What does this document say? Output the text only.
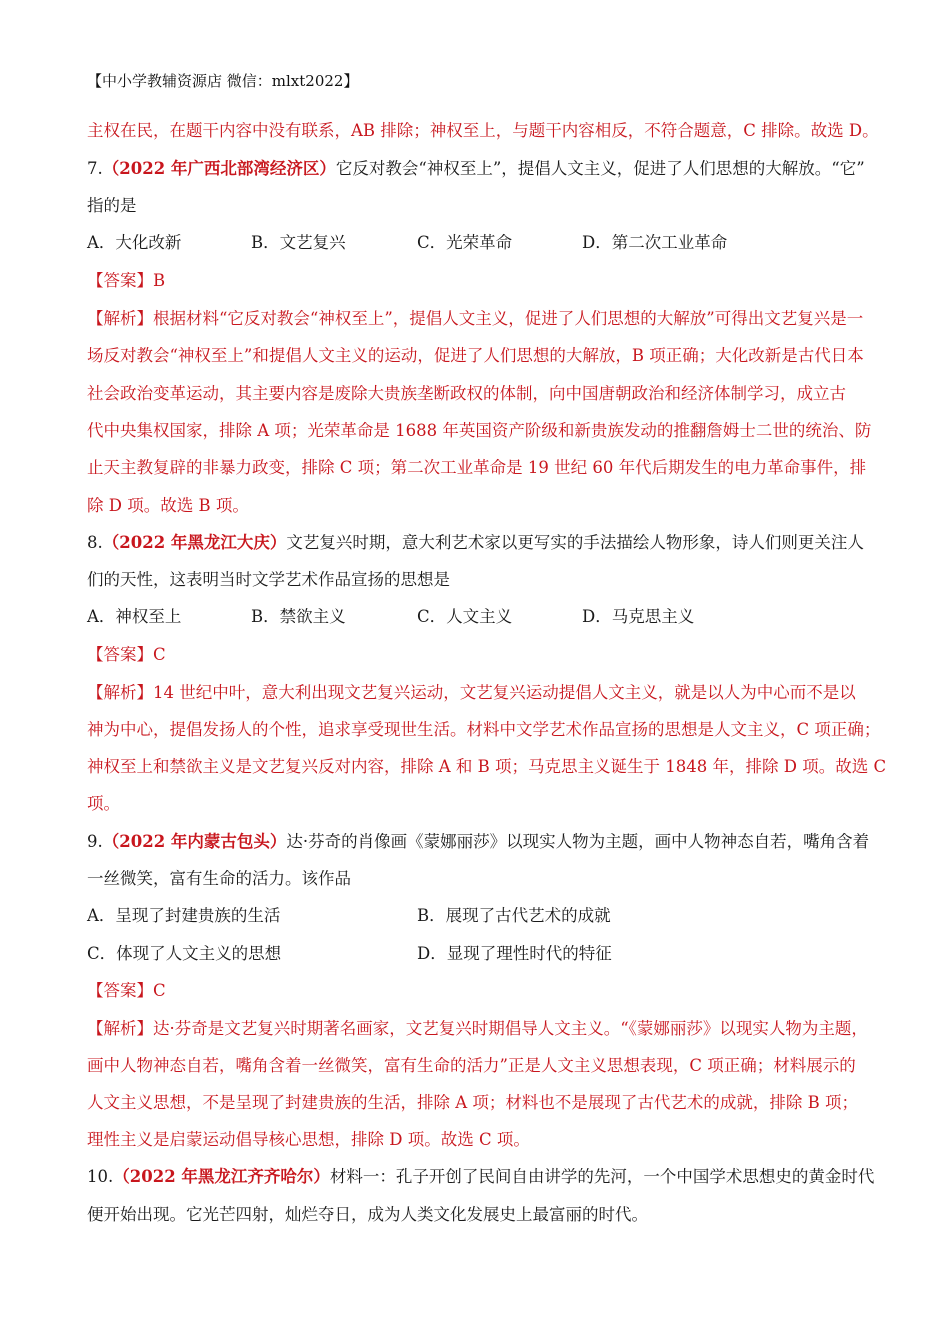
【中小学教辅资源店 微信：mlxt2022】
主权在民，在题干内容中没有联系，AB 排除；神权至上，与题干内容相反，不符合题意，C 排除。故选 D。
7.（2022 年广西北部湾经济区）它反对教会“神权至上”，提倡人文主义，促进了人们思想的大解放。“它”
指的是
A．大化改新	B．文艺复兴	C．光荣革命	D．第二次工业革命
【答案】B
【解析】根据材料“它反对教会“神权至上”，提倡人文主义，促进了人们思想的大解放”可得出文艺复兴是一
场反对教会“神权至上”和提倡人文主义的运动，促进了人们思想的大解放，B 项正确；大化改新是古代日本
社会政治变革运动，其主要内容是废除大贵族垄断政权的体制，向中国唐朝政治和经济体制学习，成立古
代中央集权国家，排除 A 项；光荣革命是 1688 年英国资产阶级和新贵族发动的推翻詹姆士二世的统治、防
止天主教复辟的非暴力政变，排除 C 项；第二次工业革命是 19 世纪 60 年代后期发生的电力革命事件，排
除 D 项。故选 B 项。
8.（2022 年黑龙江大庆）文艺复兴时期，意大利艺术家以更写实的手法描绘人物形象，诗人们则更关注人
们的天性，这表明当时文学艺术作品宣扬的思想是
A．神权至上	B．禁欲主义	C．人文主义	D．马克思主义
【答案】C
【解析】14 世纪中叶，意大利出现文艺复兴运动，文艺复兴运动提倡人文主义，就是以人为中心而不是以
神为中心，提倡发扬人的个性，追求享受现世生活。材料中文学艺术作品宣扬的思想是人文主义，C 项正确；
神权至上和禁欲主义是文艺复兴反对内容，排除 A 和 B 项；马克思主义诞生于 1848 年，排除 D 项。故选 C
项。
9.（2022 年内蒙古包头）达·芬奇的肖像画《蒙娜丽莎》以现实人物为主题，画中人物神态自若，嘴角含着
一丝微笑，富有生命的活力。该作品
A．呈现了封建贵族的生活	B．展现了古代艺术的成就
C．体现了人文主义的思想	D．显现了理性时代的特征
【答案】C
【解析】达·芬奇是文艺复兴时期著名画家，文艺复兴时期倡导人文主义。“《蒙娜丽莎》以现实人物为主题，
画中人物神态自若，嘴角含着一丝微笑，富有生命的活力”正是人文主义思想表现，C 项正确；材料展示的
人文主义思想，不是呈现了封建贵族的生活，排除 A 项；材料也不是展现了古代艺术的成就，排除 B 项；
理性主义是启蒙运动倡导核心思想，排除 D 项。故选 C 项。
10.（2022 年黑龙江齐齐哈尔）材料一：孔子开创了民间自由讲学的先河，一个中国学术思想史的黄金时代
便开始出现。它光芒四射，灿烂夺日，成为人类文化发展史上最富丽的时代。
